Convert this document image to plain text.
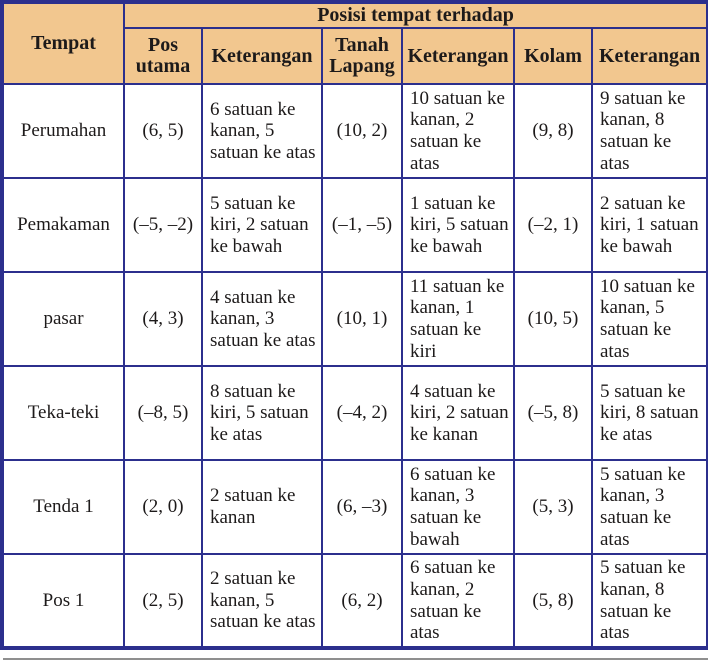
Tempat	Posisi tempat terhadap					
	Pos utama	Keterangan	Tanah Lapang	Keterangan	Kolam	Keterangan
Perumahan	(6, 5)	6 satuan ke kanan, 5 satuan ke atas	(10, 2)	10 satuan ke kanan, 2 satuan ke atas	(9, 8)	9 satuan ke kanan, 8 satuan ke atas
Pemakaman	(–5, –2)	5 satuan ke kiri, 2 satuan ke bawah	(–1, –5)	1 satuan ke kiri, 5 satuan ke bawah	(–2, 1)	2 satuan ke kiri, 1 satuan ke bawah
pasar	(4, 3)	4 satuan ke kanan, 3 satuan ke atas	(10, 1)	11 satuan ke kanan, 1 satuan ke kiri	(10, 5)	10 satuan ke kanan, 5 satuan ke atas
Teka-teki	(–8, 5)	8 satuan ke kiri, 5 satuan ke atas	(–4, 2)	4 satuan ke kiri, 2 satuan ke kanan	(–5, 8)	5 satuan ke kiri, 8 satuan ke atas
Tenda 1	(2, 0)	2 satuan ke kanan	(6, –3)	6 satuan ke kanan, 3 satuan ke bawah	(5, 3)	5 satuan ke kanan, 3 satuan ke atas
Pos 1	(2, 5)	2 satuan ke kanan, 5 satuan ke atas	(6, 2)	6 satuan ke kanan, 2 satuan ke atas	(5, 8)	5 satuan ke kanan, 8 satuan ke atas
